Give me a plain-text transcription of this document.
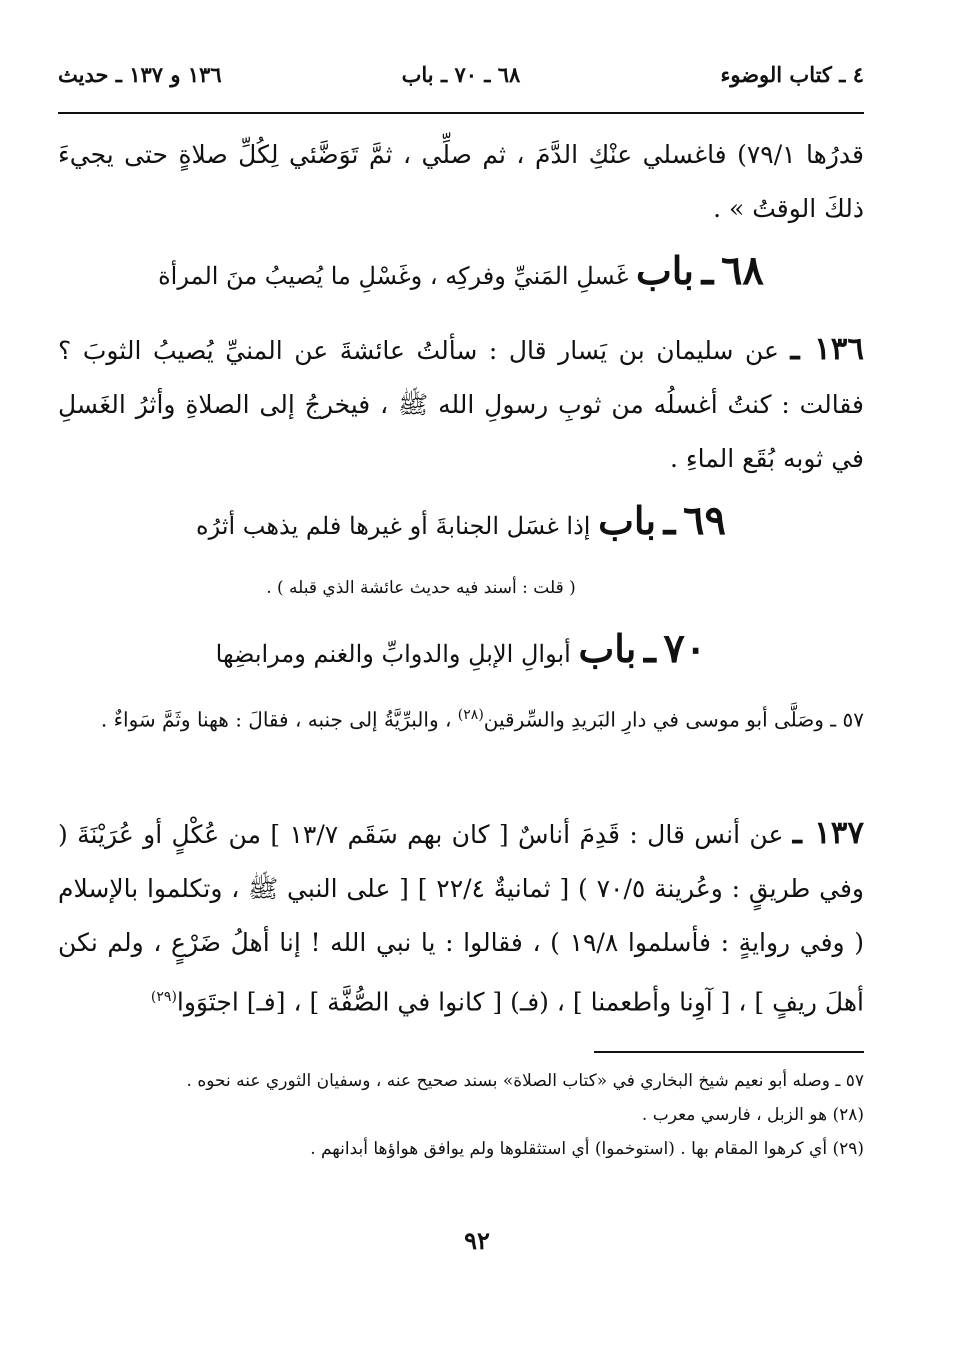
٤ ـ كتاب الوضوء
٦٨ ـ ٧٠ ـ باب
١٣٦ و ١٣٧ ـ حديث
قدرُها ٧٩/١) فاغسلي عنْكِ الدَّمَ ، ثم صلِّي ، ثمَّ تَوَضَّئي لِكُلِّ صلاةٍ حتى يجيءَ ذلكَ الوقتُ » .
٦٨ ـ باب غَسلِ المَنيِّ وفركِه ، وغَسْلِ ما يُصيبُ منَ المرأة
١٣٦ ـ عن سليمان بن يَسار قال : سألتُ عائشةَ عن المنيِّ يُصيبُ الثوبَ ؟ فقالت : كنتُ أغسلُه من ثوبِ رسولِ الله ﷺ ، فيخرجُ إلى الصلاةِ وأثرُ الغَسلِ في ثوبه بُقَع الماءِ .
٦٩ ـ باب إذا غسَل الجنابةَ أو غيرها فلم يذهب أثرُه
( قلت : أسند فيه حديث عائشة الذي قبله ) .
٧٠ ـ باب أبوالِ الإبلِ والدوابِّ والغنم ومرابضِها
٥٧ ـ وصَلَّى أبو موسى في دارِ البَريدِ والسِّرقين$^{(٢٨)}$ ، والبرِّيَّةُ إلى جنبه ، فقالَ : ههنا وثَمَّ سَواءٌ .
١٣٧ ـ عن أنس قال : قَدِمَ أناسٌ [ كان بهم سَقَم ١٣/٧ ] من عُكْلٍ أو عُرَيْنَةَ ( وفي طريقٍ : وعُرينة ٧٠/٥ ) [ ثمانيةٌ ٢٢/٤ ] [ على النبي ﷺ ، وتكلموا بالإسلام ( وفي روايةٍ : فأسلموا ١٩/٨ ) ، فقالوا : يا نبي الله ! إنا أهلُ ضَرْعٍ ، ولم نكن أهلَ ريفٍ ] ، [ آوِنا وأطعمنا ] ، (فـ) [ كانوا في الصُّفَّة ] ، [فـ] اجتَوَوا$^{(٢٩)}$

٥٧ ـ وصله أبو نعيم شيخ البخاري في «كتاب الصلاة» بسند صحيح عنه ، وسفيان الثوري عنه نحوه .

(٢٨) هو الزبل ، فارسي معرب .

(٢٩) أي كرهوا المقام بها . (استوخموا) أي استثقلوها ولم يوافق هواؤها أبدانهم .

٩٢
